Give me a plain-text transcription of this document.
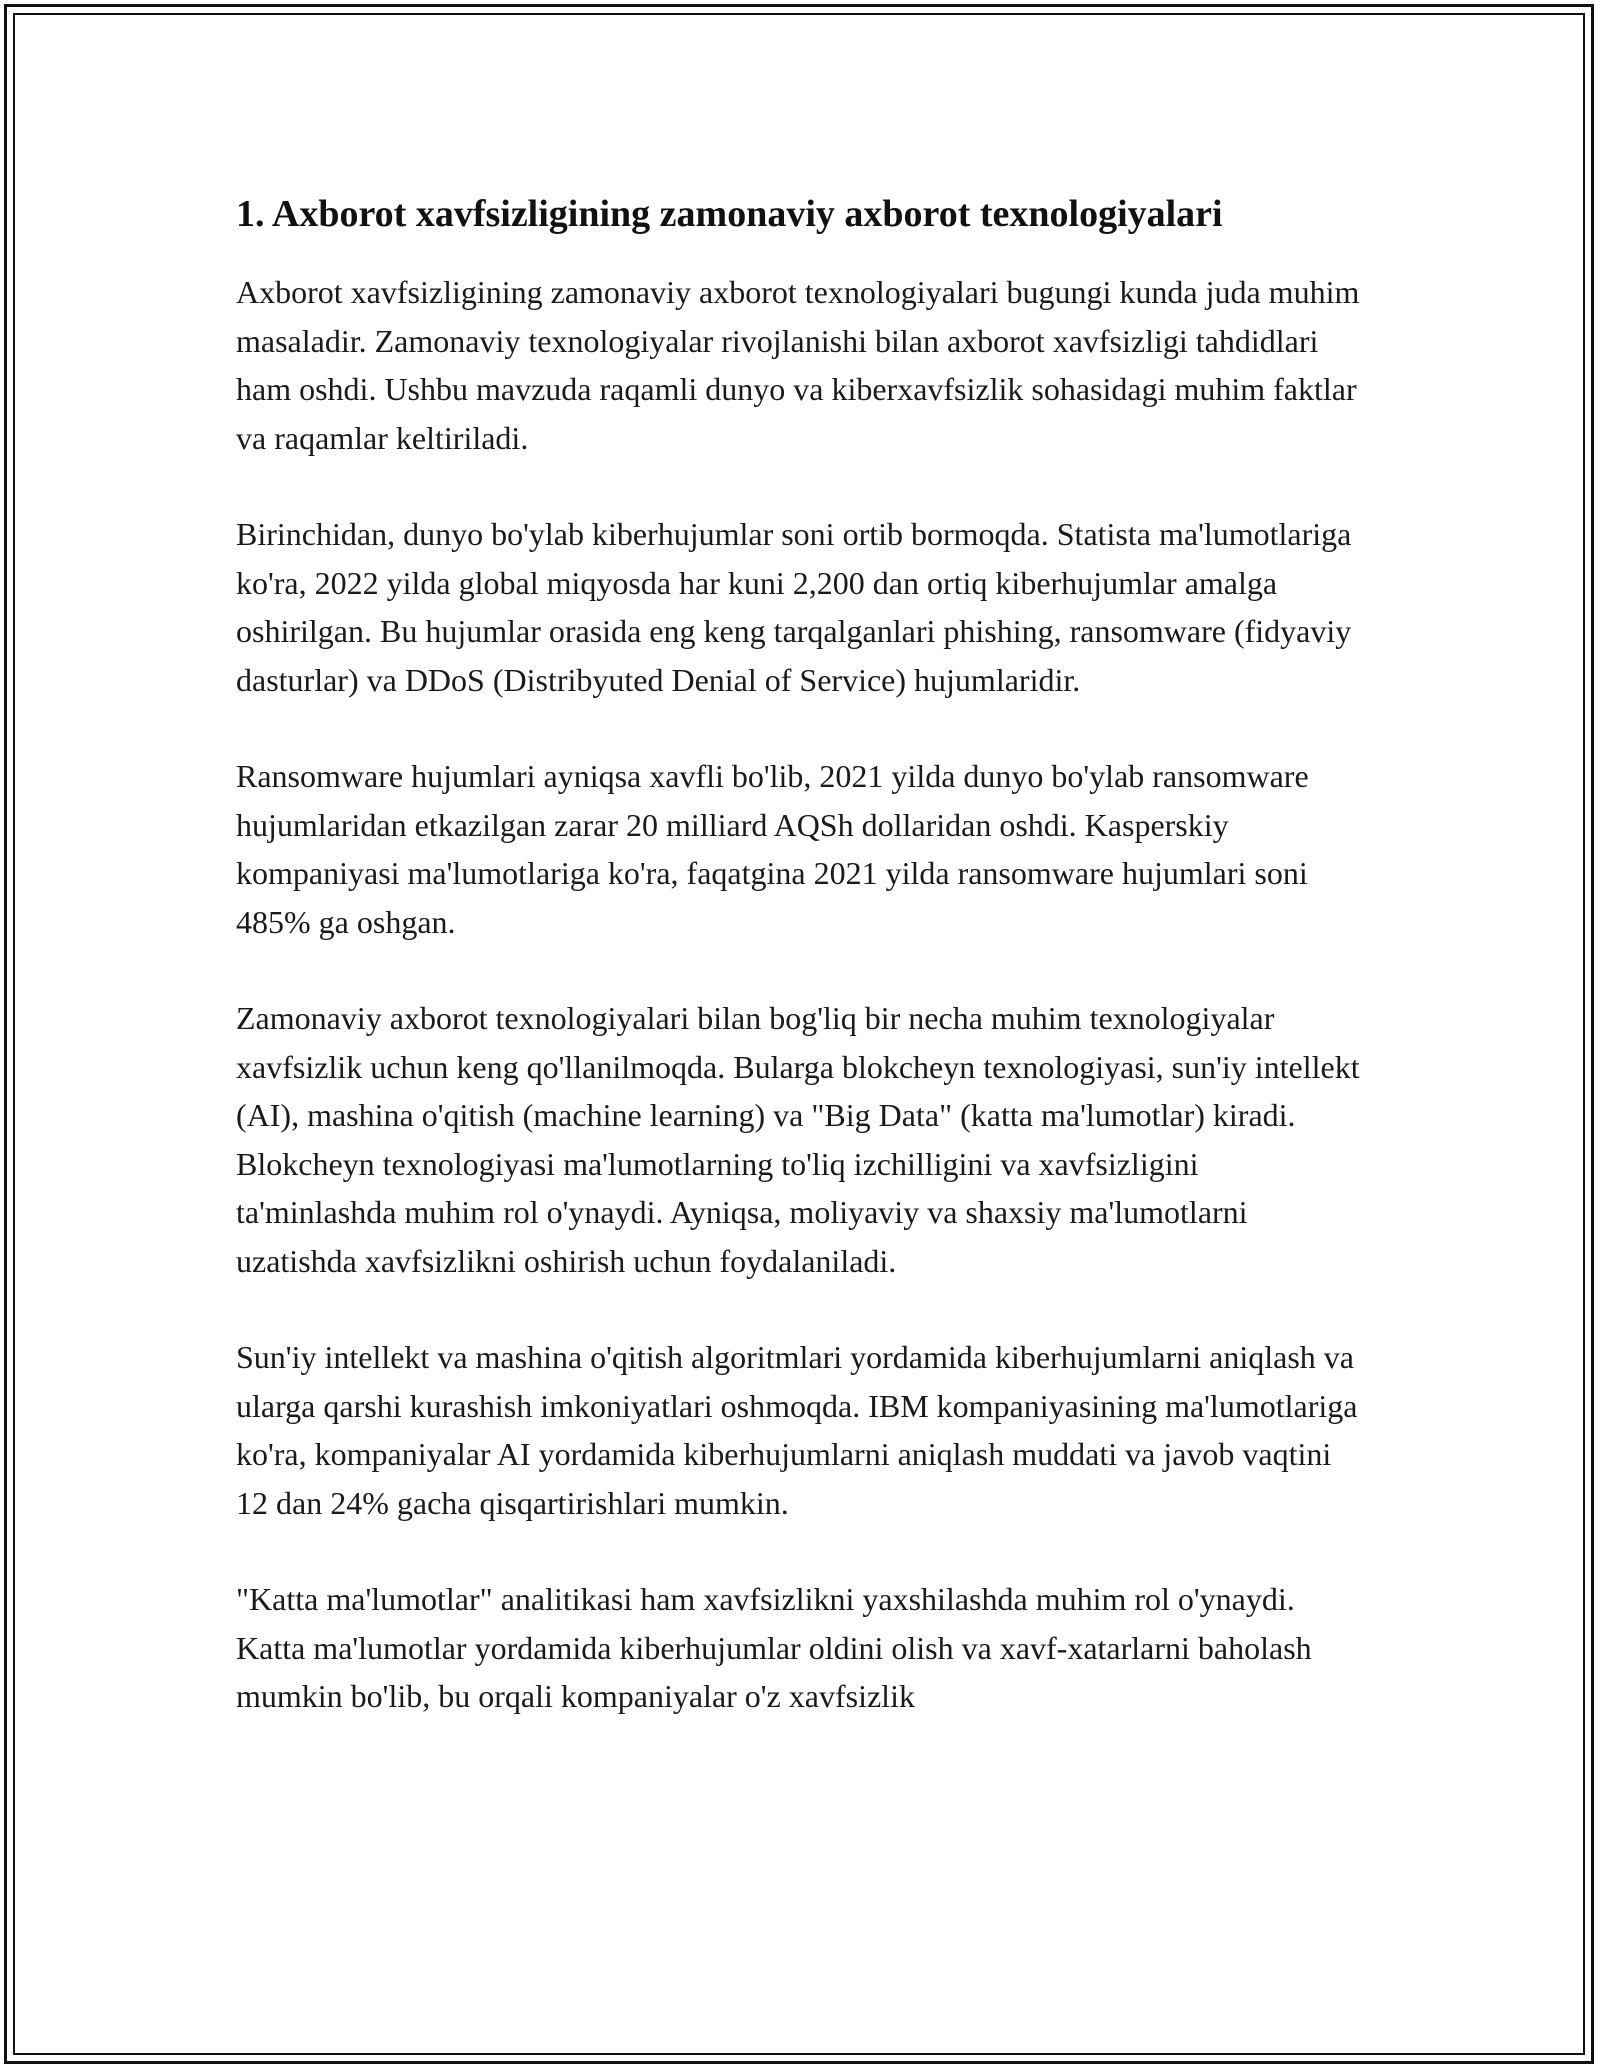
1. Axborot xavfsizligining zamonaviy axborot texnologiyalari

Axborot xavfsizligining zamonaviy axborot texnologiyalari bugungi kunda juda muhim masaladir. Zamonaviy texnologiyalar rivojlanishi bilan axborot xavfsizligi tahdidlari ham oshdi. Ushbu mavzuda raqamli dunyo va kiberxavfsizlik sohasidagi muhim faktlar va raqamlar keltiriladi.

Birinchidan, dunyo bo'ylab kiberhujumlar soni ortib bormoqda. Statista ma'lumotlariga ko'ra, 2022 yilda global miqyosda har kuni 2,200 dan ortiq kiberhujumlar amalga oshirilgan. Bu hujumlar orasida eng keng tarqalganlari phishing, ransomware (fidyaviy dasturlar) va DDoS (Distribyuted Denial of Service) hujumlaridir.

Ransomware hujumlari ayniqsa xavfli bo'lib, 2021 yilda dunyo bo'ylab ransomware hujumlaridan etkazilgan zarar 20 milliard AQSh dollaridan oshdi. Kasperskiy kompaniyasi ma'lumotlariga ko'ra, faqatgina 2021 yilda ransomware hujumlari soni 485% ga oshgan.

Zamonaviy axborot texnologiyalari bilan bog'liq bir necha muhim texnologiyalar xavfsizlik uchun keng qo'llanilmoqda. Bularga blokcheyn texnologiyasi, sun'iy intellekt (AI), mashina o'qitish (machine learning) va "Big Data" (katta ma'lumotlar) kiradi. Blokcheyn texnologiyasi ma'lumotlarning to'liq izchilligini va xavfsizligini ta'minlashda muhim rol o'ynaydi. Ayniqsa, moliyaviy va shaxsiy ma'lumotlarni uzatishda xavfsizlikni oshirish uchun foydalaniladi.

Sun'iy intellekt va mashina o'qitish algoritmlari yordamida kiberhujumlarni aniqlash va ularga qarshi kurashish imkoniyatlari oshmoqda. IBM kompaniyasining ma'lumotlariga ko'ra, kompaniyalar AI yordamida kiberhujumlarni aniqlash muddati va javob vaqtini 12 dan 24% gacha qisqartirishlari mumkin.

"Katta ma'lumotlar" analitikasi ham xavfsizlikni yaxshilashda muhim rol o'ynaydi. Katta ma'lumotlar yordamida kiberhujumlar oldini olish va xavf-xatarlarni baholash mumkin bo'lib, bu orqali kompaniyalar o'z xavfsizlik
